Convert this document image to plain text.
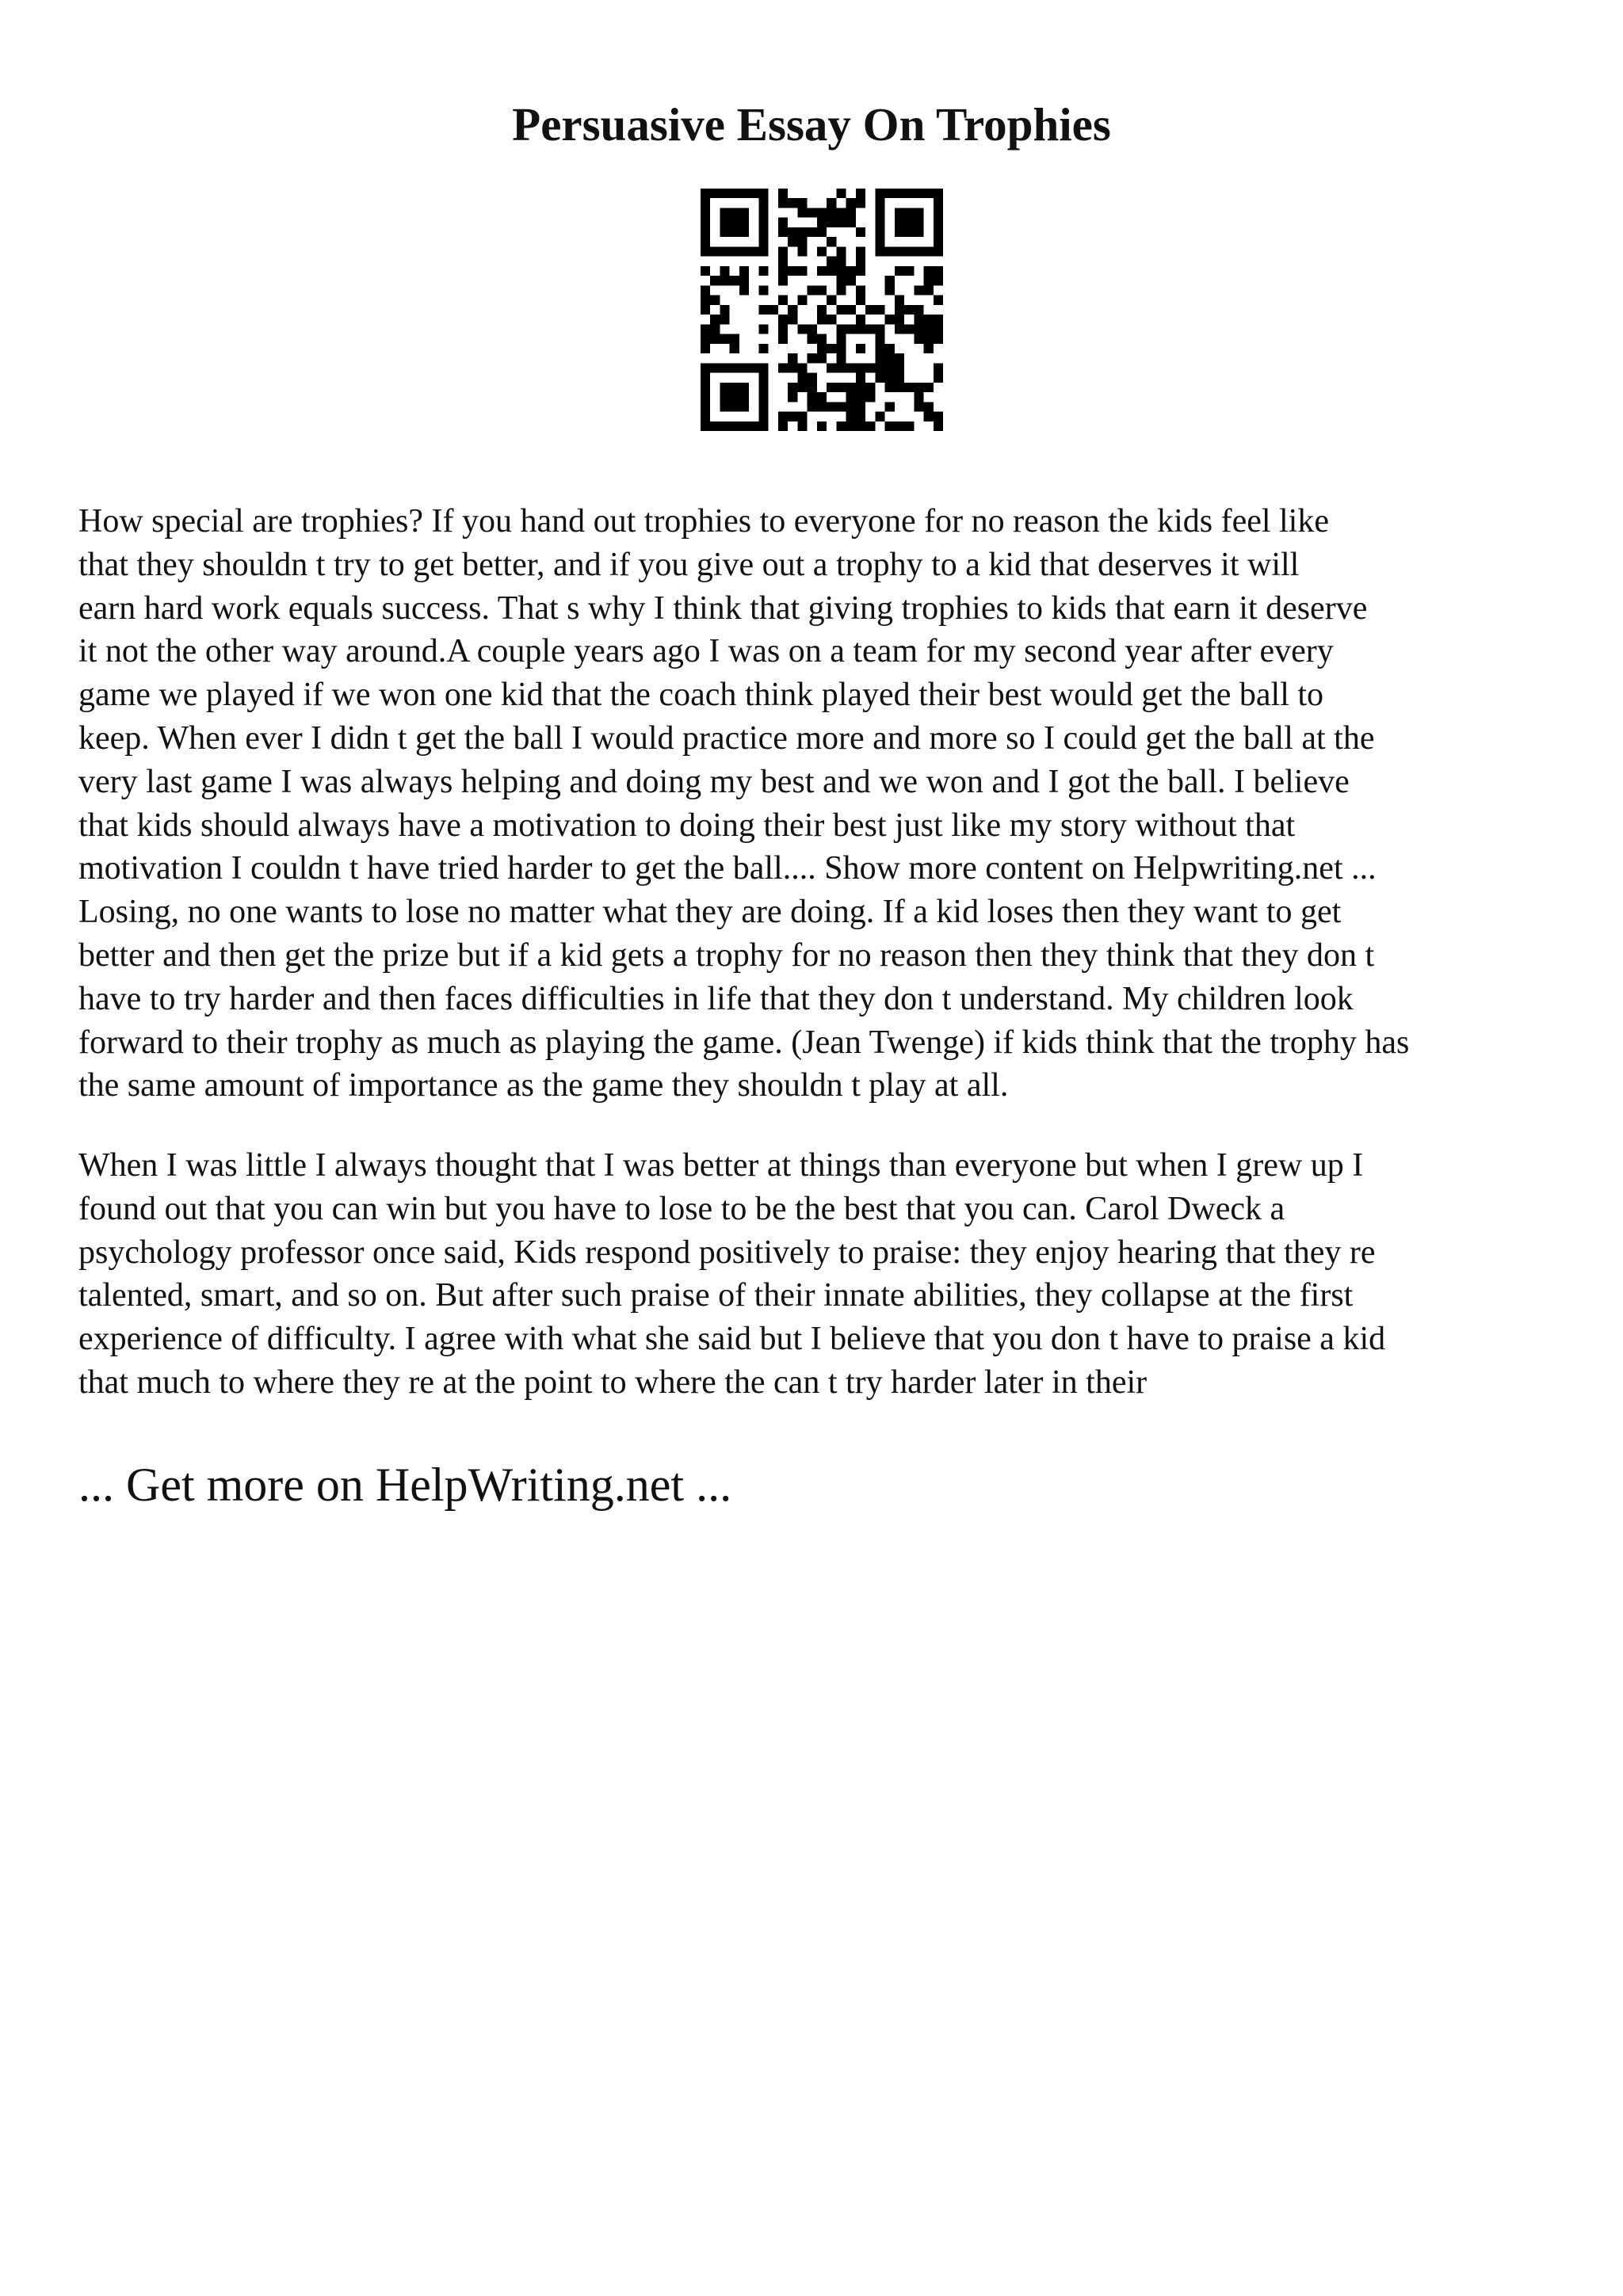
Persuasive Essay On Trophies
How special are trophies? If you hand out trophies to everyone for no reason the kids feel like
that they shouldn t try to get better, and if you give out a trophy to a kid that deserves it will
earn hard work equals success. That s why I think that giving trophies to kids that earn it deserve
it not the other way around.A couple years ago I was on a team for my second year after every
game we played if we won one kid that the coach think played their best would get the ball to
keep. When ever I didn t get the ball I would practice more and more so I could get the ball at the
very last game I was always helping and doing my best and we won and I got the ball. I believe
that kids should always have a motivation to doing their best just like my story without that
motivation I couldn t have tried harder to get the ball.... Show more content on Helpwriting.net ...
Losing, no one wants to lose no matter what they are doing. If a kid loses then they want to get
better and then get the prize but if a kid gets a trophy for no reason then they think that they don t
have to try harder and then faces difficulties in life that they don t understand. My children look
forward to their trophy as much as playing the game. (Jean Twenge) if kids think that the trophy has
the same amount of importance as the game they shouldn t play at all.
When I was little I always thought that I was better at things than everyone but when I grew up I
found out that you can win but you have to lose to be the best that you can. Carol Dweck a
psychology professor once said, Kids respond positively to praise: they enjoy hearing that they re
talented, smart, and so on. But after such praise of their innate abilities, they collapse at the first
experience of difficulty. I agree with what she said but I believe that you don t have to praise a kid
that much to where they re at the point to where the can t try harder later in their

... Get more on HelpWriting.net ...
